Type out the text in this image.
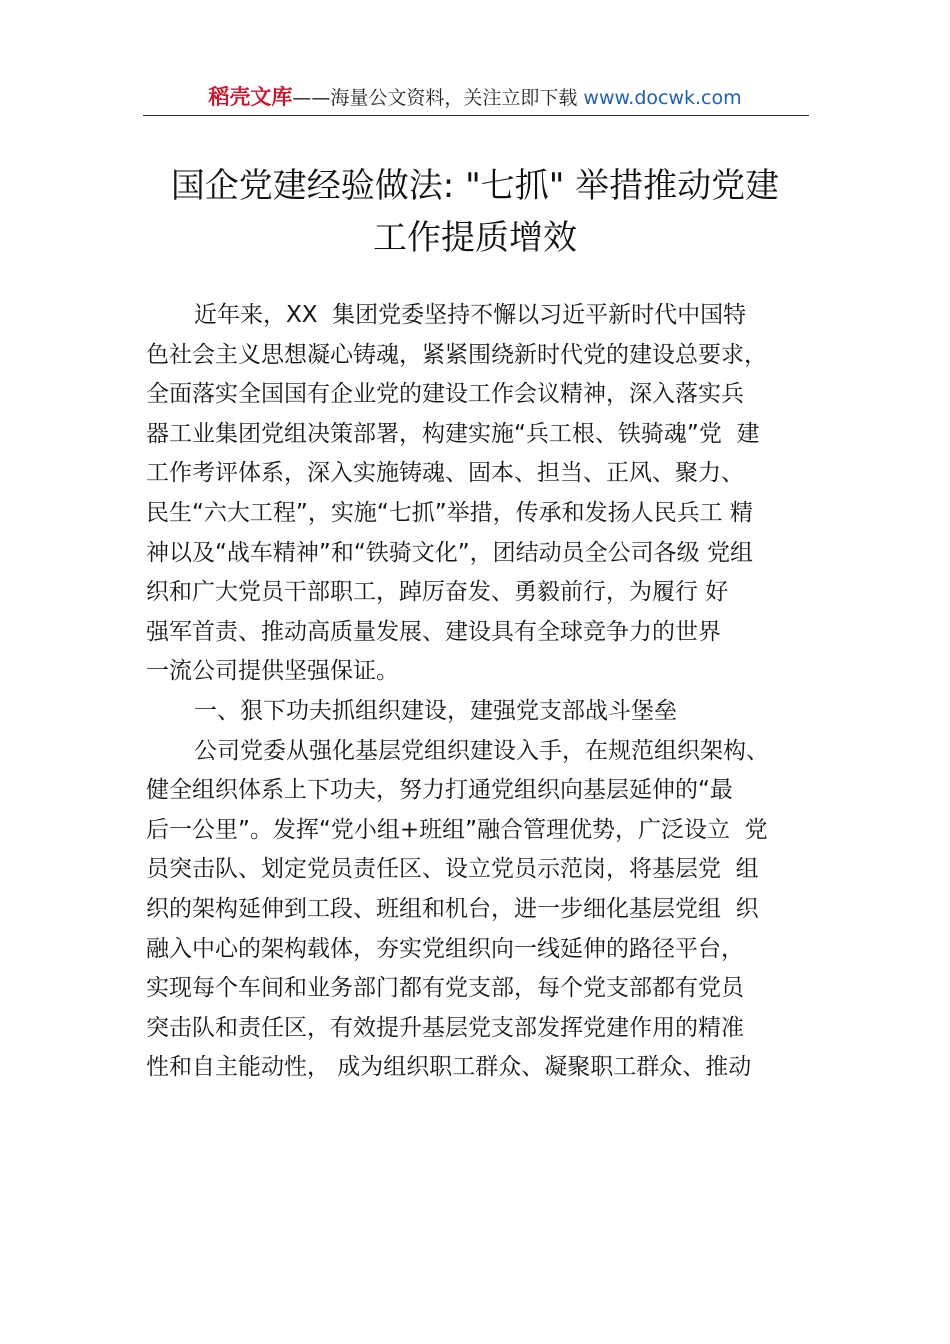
稻壳文库——海量公文资料，关注立即下载 www.docwk.com
国企党建经验做法: "七抓" 举措推动党建
工作提质增效
近年来，XX  集团党委坚持不懈以习近平新时代中国特
色社会主义思想凝心铸魂，紧紧围绕新时代党的建设总要求，
全面落实全国国有企业党的建设工作会议精神，深入落实兵
器工业集团党组决策部署，构建实施“兵工根、铁骑魂”党  建
工作考评体系，深入实施铸魂、固本、担当、正风、聚力、
民生“六大工程”，实施“七抓”举措，传承和发扬人民兵工 精
神以及“战车精神”和“铁骑文化”，团结动员全公司各级 党组
织和广大党员干部职工，踔厉奋发、勇毅前行，为履行 好
强军首责、推动高质量发展、建设具有全球竞争力的世界
一流公司提供坚强保证。
一、狠下功夫抓组织建设，建强党支部战斗堡垒
公司党委从强化基层党组织建设入手，在规范组织架构、
健全组织体系上下功夫，努力打通党组织向基层延伸的“最
后一公里”。发挥“党小组+班组”融合管理优势，广泛设立  党
员突击队、划定党员责任区、设立党员示范岗，将基层党  组
织的架构延伸到工段、班组和机台，进一步细化基层党组  织
融入中心的架构载体，夯实党组织向一线延伸的路径平台，
实现每个车间和业务部门都有党支部，每个党支部都有党员
突击队和责任区，有效提升基层党支部发挥党建作用的精准
性和自主能动性， 成为组织职工群众、凝聚职工群众、推动
